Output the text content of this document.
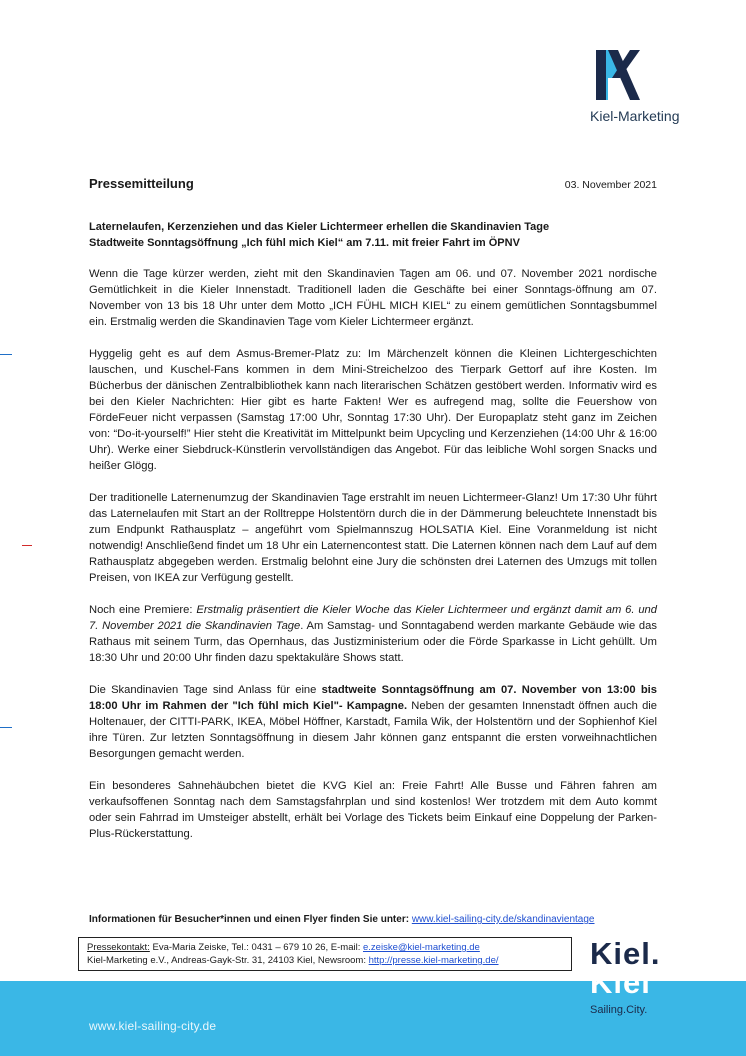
Kiel-Marketing
Pressemitteilung	03. November 2021
Laternelaufen, Kerzenziehen und das Kieler Lichtermeer erhellen die Skandinavien Tage
Stadtweite Sonntagsöffnung „Ich fühl mich Kiel“ am 7.11. mit freier Fahrt im ÖPNV

Wenn die Tage kürzer werden, zieht mit den Skandinavien Tagen am 06. und 07. November 2021 nordische Gemütlichkeit in die Kieler Innenstadt. Traditionell laden die Geschäfte bei einer Sonntags-öffnung am 07. November von 13 bis 18 Uhr unter dem Motto „ICH FÜHL MICH KIEL“ zu einem gemütlichen Sonntagsbummel ein. Erstmalig werden die Skandinavien Tage vom Kieler Lichtermeer ergänzt.

Hyggelig geht es auf dem Asmus-Bremer-Platz zu: Im Märchenzelt können die Kleinen Lichtergeschichten lauschen, und Kuschel-Fans kommen in dem Mini-Streichelzoo des Tierpark Gettorf auf ihre Kosten. Im Bücherbus der dänischen Zentralbibliothek kann nach literarischen Schätzen gestöbert werden. Informativ wird es bei den Kieler Nachrichten: Hier gibt es harte Fakten! Wer es aufregend mag, sollte die Feuershow von FördeFeuer nicht verpassen (Samstag 17:00 Uhr, Sonntag 17:30 Uhr). Der Europaplatz steht ganz im Zeichen von: “Do-it-yourself!” Hier steht die Kreativität im Mittelpunkt beim Upcycling und Kerzenziehen (14:00 Uhr & 16:00 Uhr). Werke einer Siebdruck-Künstlerin vervollständigen das Angebot. Für das leibliche Wohl sorgen Snacks und heißer Glögg.

Der traditionelle Laternenumzug der Skandinavien Tage erstrahlt im neuen Lichtermeer-Glanz! Um 17:30 Uhr führt das Laternelaufen mit Start an der Rolltreppe Holstentörn durch die in der Dämmerung beleuchtete Innenstadt bis zum Endpunkt Rathausplatz – angeführt vom Spielmannszug HOLSATIA Kiel. Eine Voranmeldung ist nicht notwendig! Anschließend findet um 18 Uhr ein Laternencontest statt. Die Laternen können nach dem Lauf auf dem Rathausplatz abgegeben werden. Erstmalig belohnt eine Jury die schönsten drei Laternen des Umzugs mit tollen Preisen, von IKEA zur Verfügung gestellt.

Noch eine Premiere: Erstmalig präsentiert die Kieler Woche das Kieler Lichtermeer und ergänzt damit am 6. und 7. November 2021 die Skandinavien Tage. Am Samstag- und Sonntagabend werden markante Gebäude wie das Rathaus mit seinem Turm, das Opernhaus, das Justizministerium oder die Förde Sparkasse in Licht gehüllt. Um 18:30 Uhr und 20:00 Uhr finden dazu spektakuläre Shows statt.

Die Skandinavien Tage sind Anlass für eine stadtweite Sonntagsöffnung am 07. November von 13:00 bis 18:00 Uhr im Rahmen der "Ich fühl mich Kiel"- Kampagne. Neben der gesamten Innenstadt öffnen auch die Holtenauer, der CITTI-PARK, IKEA, Möbel Höffner, Karstadt, Famila Wik, der Holstentörn und der Sophienhof Kiel ihre Türen. Zur letzten Sonntagsöffnung in diesem Jahr können ganz entspannt die ersten vorweihnachtlichen Besorgungen gemacht werden.

Ein besonderes Sahnehäubchen bietet die KVG Kiel an: Freie Fahrt! Alle Busse und Fähren fahren am verkaufsoffenen Sonntag nach dem Samstagsfahrplan und sind kostenlos! Wer trotzdem mit dem Auto kommt oder sein Fahrrad im Umsteiger abstellt, erhält bei Vorlage des Tickets beim Einkauf eine Doppelung der Parken-Plus-Rückerstattung.

Informationen für Besucher*innen und einen Flyer finden Sie unter: www.kiel-sailing-city.de/skandinavientage
Pressekontakt: Eva-Maria Zeiske, Tel.: 0431 – 679 10 26, E-mail: e.zeiske@kiel-marketing.de
Kiel-Marketing e.V., Andreas-Gayk-Str. 31, 24103 Kiel, Newsroom: http://presse.kiel-marketing.de/
www.kiel-sailing-city.de
Kiel.
Kiel
Sailing.City.
